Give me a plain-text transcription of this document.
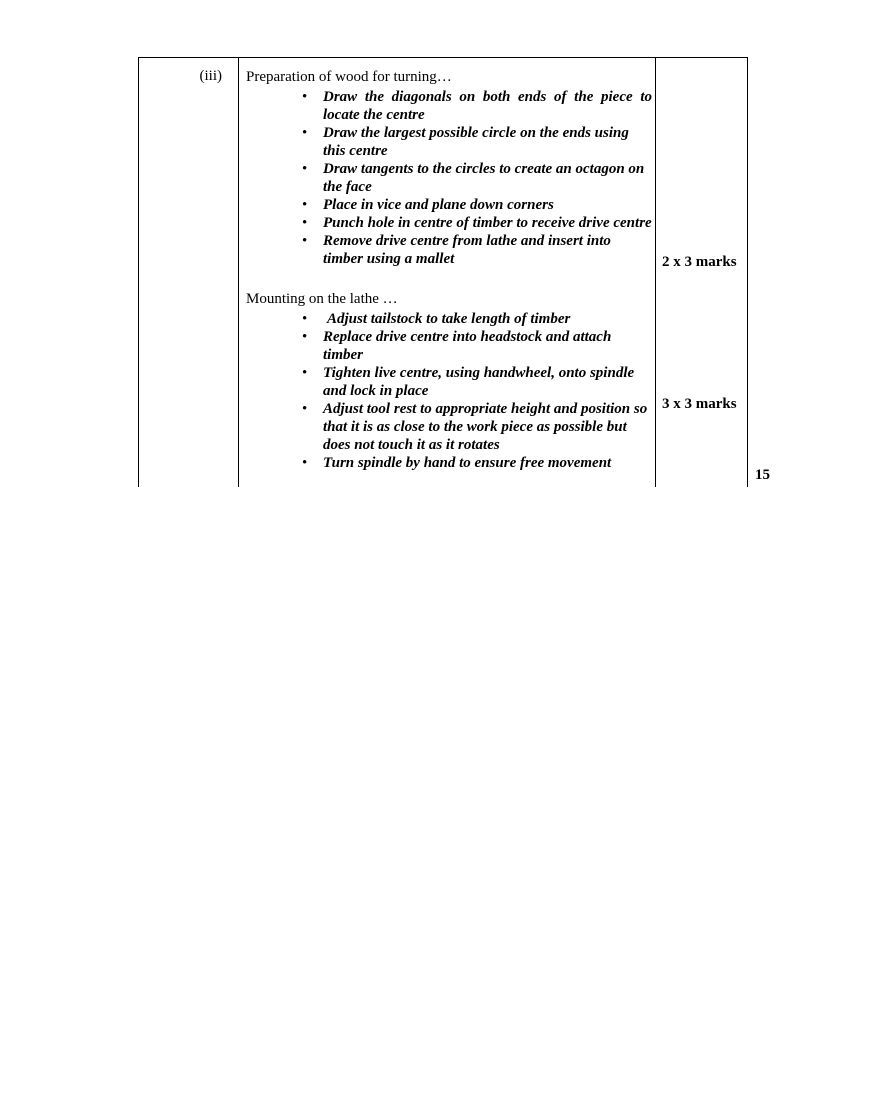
(iii) Preparation of wood for turning…

• Draw the diagonals on both ends of the piece to locate the centre
• Draw the largest possible circle on the ends using this centre
• Draw tangents to the circles to create an octagon on the face
• Place in vice and plane down corners
• Punch hole in centre of timber to receive drive centre
• Remove drive centre from lathe and insert into timber using a mallet

Mounting on the lathe …

• Adjust tailstock to take length of timber
• Replace drive centre into headstock and attach timber
• Tighten live centre, using handwheel, onto spindle and lock in place
• Adjust tool rest to appropriate height and position so that it is as close to the work piece as possible but does not touch it as it rotates
• Turn spindle by hand to ensure free movement
2 x 3 marks
3 x 3 marks
15
